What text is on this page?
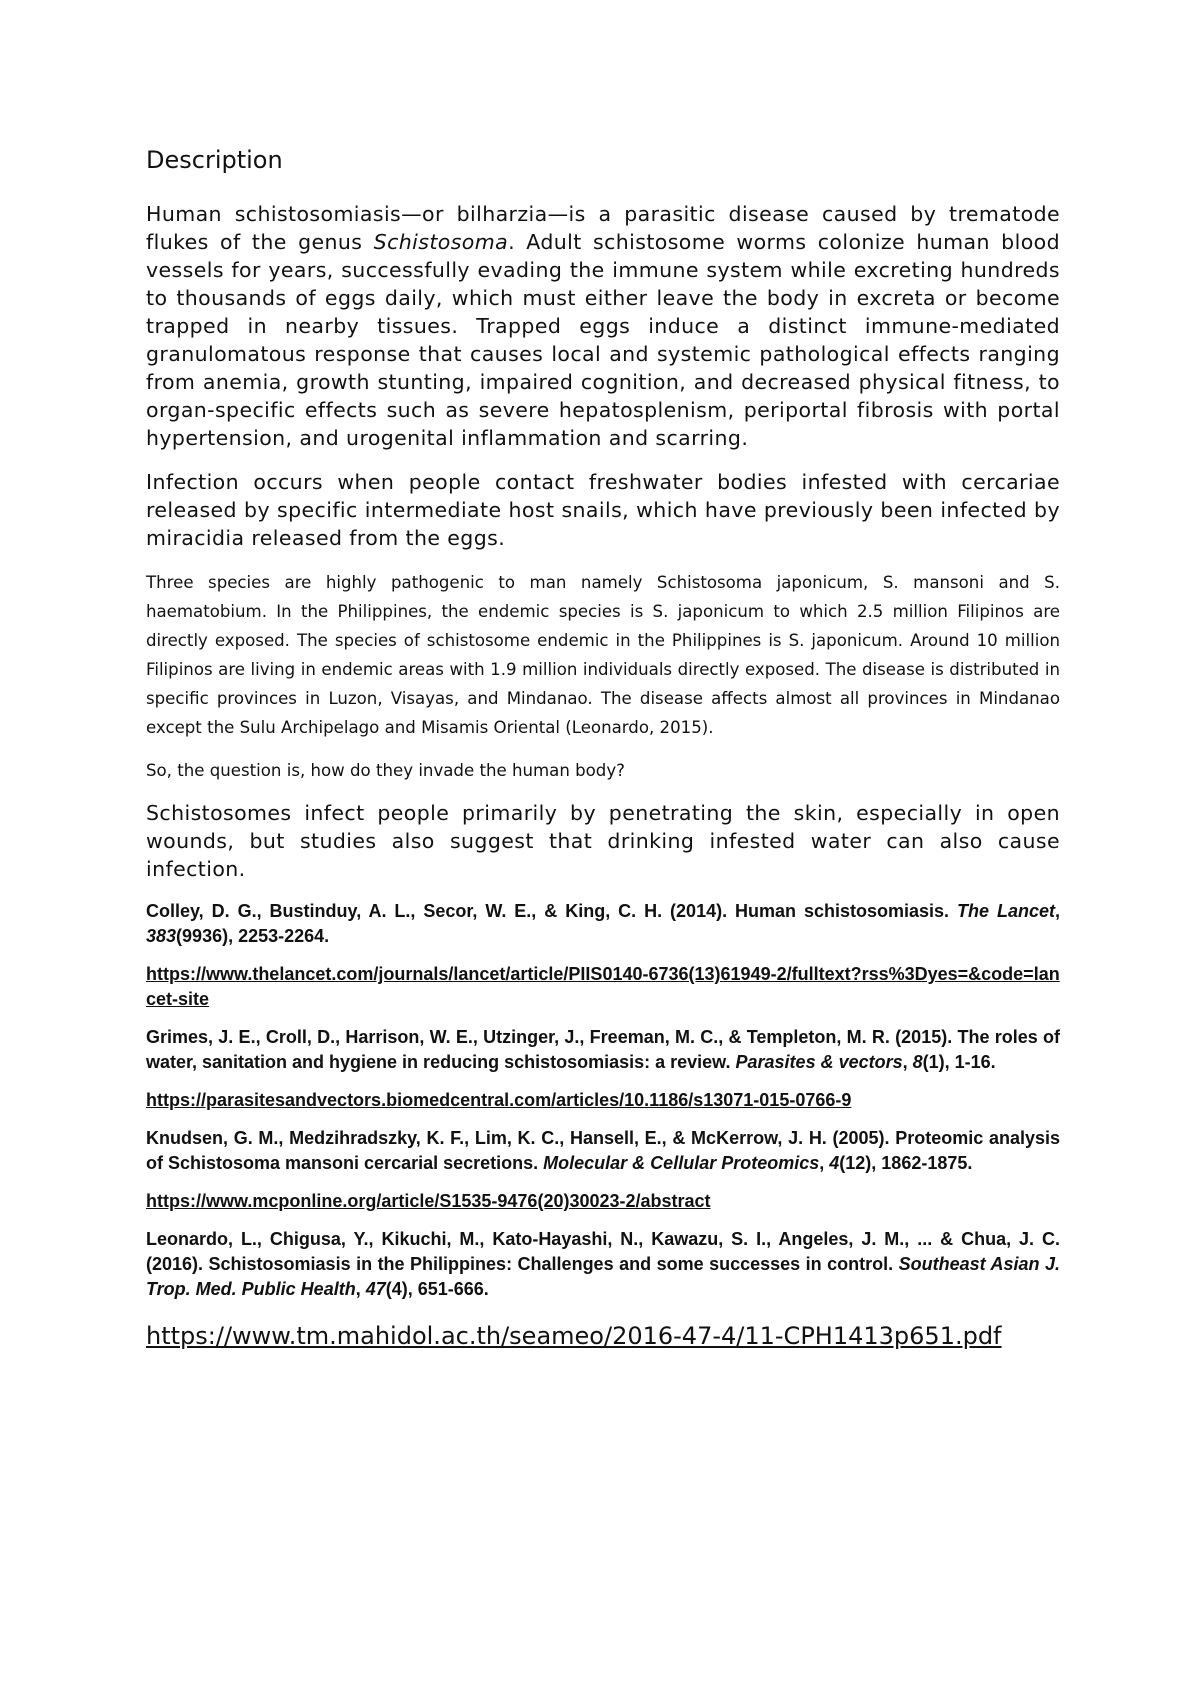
Description

Human schistosomiasis—or bilharzia—is a parasitic disease caused by trematode flukes of the genus Schistosoma. Adult schistosome worms colonize human blood vessels for years, successfully evading the immune system while excreting hundreds to thousands of eggs daily, which must either leave the body in excreta or become trapped in nearby tissues. Trapped eggs induce a distinct immune-mediated granulomatous response that causes local and systemic pathological effects ranging from anemia, growth stunting, impaired cognition, and decreased physical fitness, to organ-specific effects such as severe hepatosplenism, periportal fibrosis with portal hypertension, and urogenital inflammation and scarring.

Infection occurs when people contact freshwater bodies infested with cercariae released by specific intermediate host snails, which have previously been infected by miracidia released from the eggs.

Three species are highly pathogenic to man namely Schistosoma japonicum, S. mansoni and S. haematobium. In the Philippines, the endemic species is S. japonicum to which 2.5 million Filipinos are directly exposed. The species of schistosome endemic in the Philippines is S. japonicum. Around 10 million Filipinos are living in endemic areas with 1.9 million individuals directly exposed. The disease is distributed in specific provinces in Luzon, Visayas, and Mindanao. The disease affects almost all provinces in Mindanao except the Sulu Archipelago and Misamis Oriental (Leonardo, 2015).

So, the question is, how do they invade the human body?

Schistosomes infect people primarily by penetrating the skin, especially in open wounds, but studies also suggest that drinking infested water can also cause infection.

Colley, D. G., Bustinduy, A. L., Secor, W. E., & King, C. H. (2014). Human schistosomiasis. The Lancet, 383(9936), 2253-2264.

https://www.thelancet.com/journals/lancet/article/PIIS0140-6736(13)61949-2/fulltext?rss%3Dyes=&code=lancet-site

Grimes, J. E., Croll, D., Harrison, W. E., Utzinger, J., Freeman, M. C., & Templeton, M. R. (2015). The roles of water, sanitation and hygiene in reducing schistosomiasis: a review. Parasites & vectors, 8(1), 1-16.

https://parasitesandvectors.biomedcentral.com/articles/10.1186/s13071-015-0766-9

Knudsen, G. M., Medzihradszky, K. F., Lim, K. C., Hansell, E., & McKerrow, J. H. (2005). Proteomic analysis of Schistosoma mansoni cercarial secretions. Molecular & Cellular Proteomics, 4(12), 1862-1875.

https://www.mcponline.org/article/S1535-9476(20)30023-2/abstract

Leonardo, L., Chigusa, Y., Kikuchi, M., Kato-Hayashi, N., Kawazu, S. I., Angeles, J. M., ... & Chua, J. C. (2016). Schistosomiasis in the Philippines: Challenges and some successes in control. Southeast Asian J. Trop. Med. Public Health, 47(4), 651-666.

https://www.tm.mahidol.ac.th/seameo/2016-47-4/11-CPH1413p651.pdf
